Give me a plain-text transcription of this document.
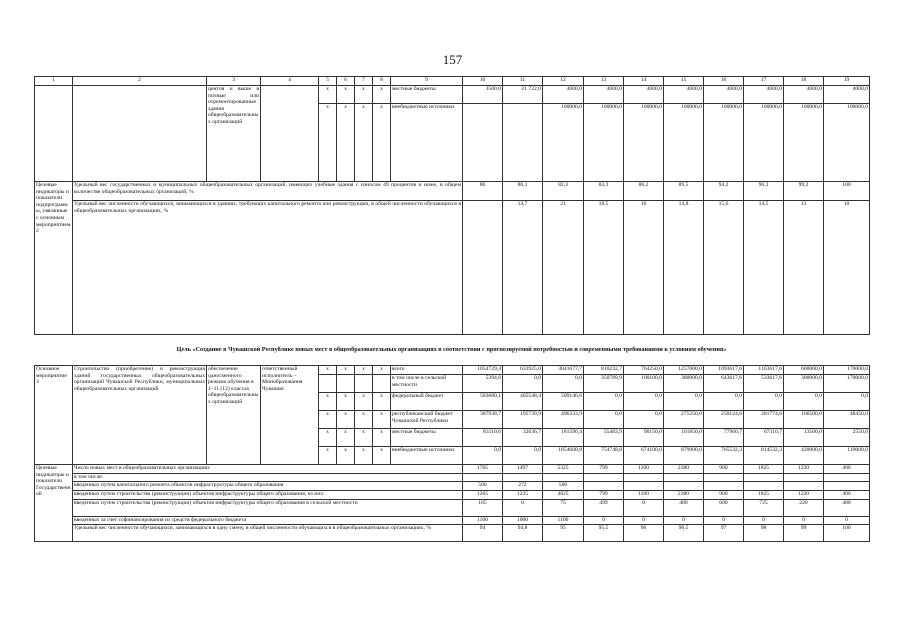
157
1	2	3	4	5	6	7	8	9	10	11	12	13	14	15	16	17	18	19
		центов и выше в полные или отремонтированные здания общеобразовательных организаций		x	x	x	x	местные бюджеты	3500,0	21 722,0	4000,0	4000,0	4000,0	4000,0	4000,0	4000,0	4000,0	4000,0
				x	x	x	x	внебюджетные источники			100000,0	100000,0	100000,0	100000,0	100000,0	100000,0	100000,0	100000,0
Целевые индикаторы и показатели подпрограммы, увязанные с основным мероприятием 2	Удельный вес государственных и муниципальных общеобразовательных организаций, имеющих учебные здания с износом 49 процентов и ниже, в общем количестве общеобразовательных организаций, %								86	80,1	82,3	83,3	86,2	89,5	94,2	96,3	99,2	100
	Удельный вес численности обучающихся, занимающихся в зданиях, требующих капитального ремонта или реконструкции, в общей численности обучающихся в общеобразовательных организациях, %									14,7	21	18,5	16	14,8	15,6	14,5	13	10
Цель «Создание в Чувашской Республике новых мест в общеобразовательных организациях в соответствии с прогнозируемой потребностью и современными требованиями к условиям обучения»
Основное мероприятие 3	Строительство (приобретение) и реконструкция зданий государственных общеобразовательных организаций Чувашской Республики, муниципальных общеобразовательных организаций	обеспечение односменного режима обучения в 1–11 (12) классах общеобразовательных организаций	ответственный исполнитель – Минобразования Чувашии	x	x	x	x	всего	1054729,4	633925,0	3041677,7	810232,7	764250,0	1257000,0	1093617,6	1163617,6	600000,0	170000,0
								в том числе в сельской местности	5394,6	0,0	0,0	350789,9	100100,0	380000,0	643617,6	533617,6	300000,0	170000,0
				x	x	x	x	федеральный бюджет	583680,1	405548,4	509146,6	0,0	0,0	0,0	0,0	0,0	0,0	0,0
				x	x	x	x	республиканский бюджет Чувашской Республики	387938,7	195739,9	496333,9	0,0	0,0	275250,0	250124,6	281774,6	166500,0	48450,0
				x	x	x	x	местные бюджеты	83110,6	32636,7	181596,4	55483,9	90150,0	101850,0	77960,7	67310,7	13500,0	2550,0
				x	x	x	x	внебюджетные источники	0,0	0,0	1854600,8	754748,8	674100,0	879900,0	765532,3	814532,3	420000,0	119000,0
Целевые индикаторы и показатели Государственной	Число новых мест в общеобразовательных организациях								1765	1497	5325	799	1100	2380	900	1825	1220	400
	в том числе:																	
	введенных путем капитального ремонта объектов инфраструктуры общего образования								500	272	500							
	введенных путем строительства (реконструкции) объектов инфраструктуры общего образования, из них:								1265	1225	4825	799	1100	2380	900	1825	1220	400
	введенных путем строительства (реконструкции) объектов инфраструктуры общего образования в сельской местности								165	0	75	499	0	480	600	725	220	400
	введенных за счет софинансирования из средств федерального бюджета								1100	1000	1100	0	0	0	0	0	0	0
	Удельный вес численности обучающихся, занимающихся в одну смену, в общей численности обучающихся в общеобразовательных организациях, %								94	94,8	95	95,5	96	96,5	97	98	99	100
